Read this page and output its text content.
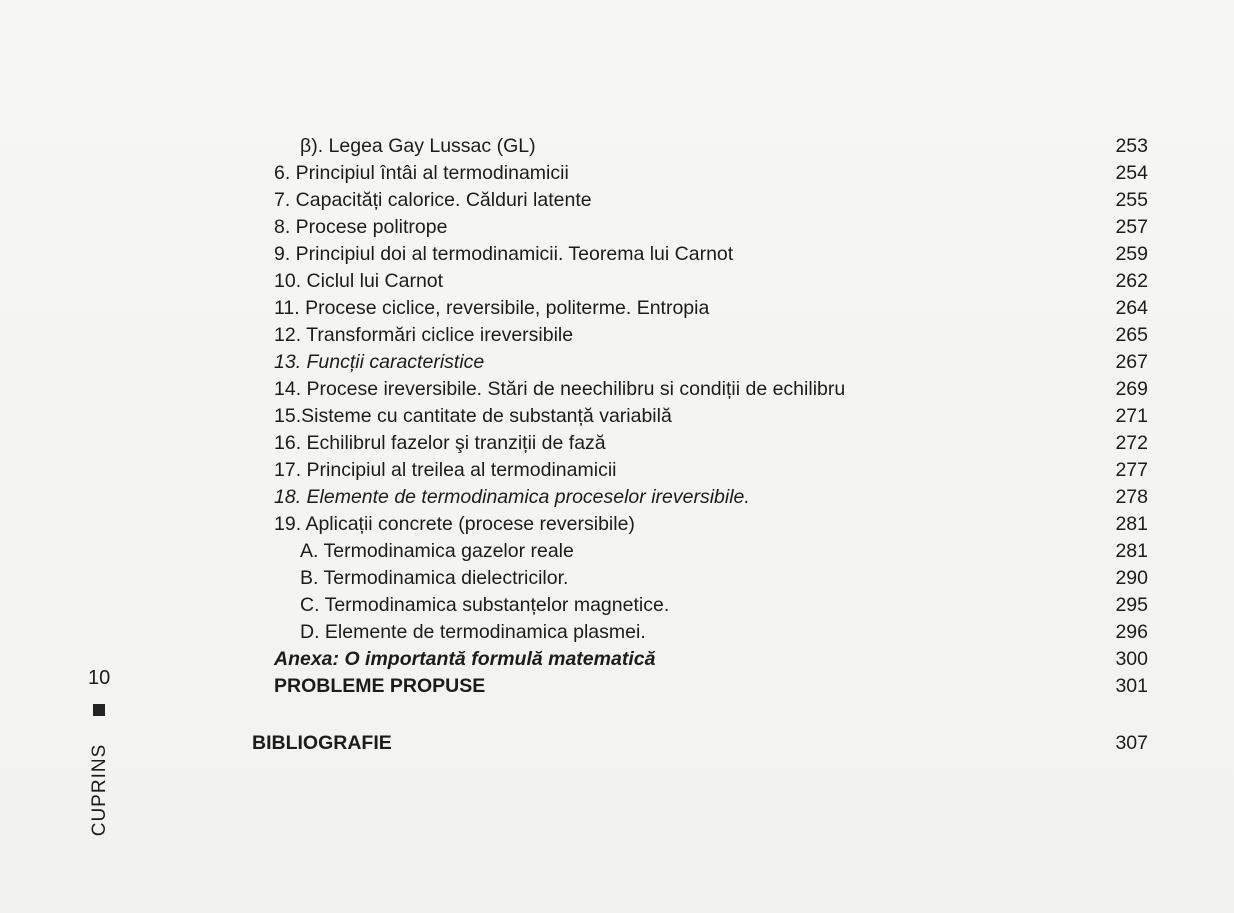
β). Legea Gay Lussac (GL)	253
6. Principiul întâi al termodinamicii	254
7. Capacități calorice. Călduri latente	255
8. Procese politrope	257
9. Principiul doi al termodinamicii. Teorema lui Carnot	259
10. Ciclul lui Carnot	262
11. Procese ciclice, reversibile, politerme. Entropia	264
12. Transformări ciclice ireversibile	265
13. Funcții caracteristice	267
14. Procese ireversibile. Stări de neechilibru si condiții de echilibru	269
15.Sisteme cu cantitate de substanță variabilă	271
16. Echilibrul fazelor şi tranziții de fază	272
17. Principiul al treilea al termodinamicii	277
18. Elemente de termodinamica proceselor ireversibile.	278
19. Aplicații concrete (procese reversibile)	281
A. Termodinamica gazelor reale	281
B. Termodinamica dielectricilor.	290
C. Termodinamica substanțelor magnetice.	295
D. Elemente de termodinamica plasmei.	296
Anexa: O importantă formulă matematică	300
PROBLEME PROPUSE	301
BIBLIOGRAFIE	307
10
CUPRINS
